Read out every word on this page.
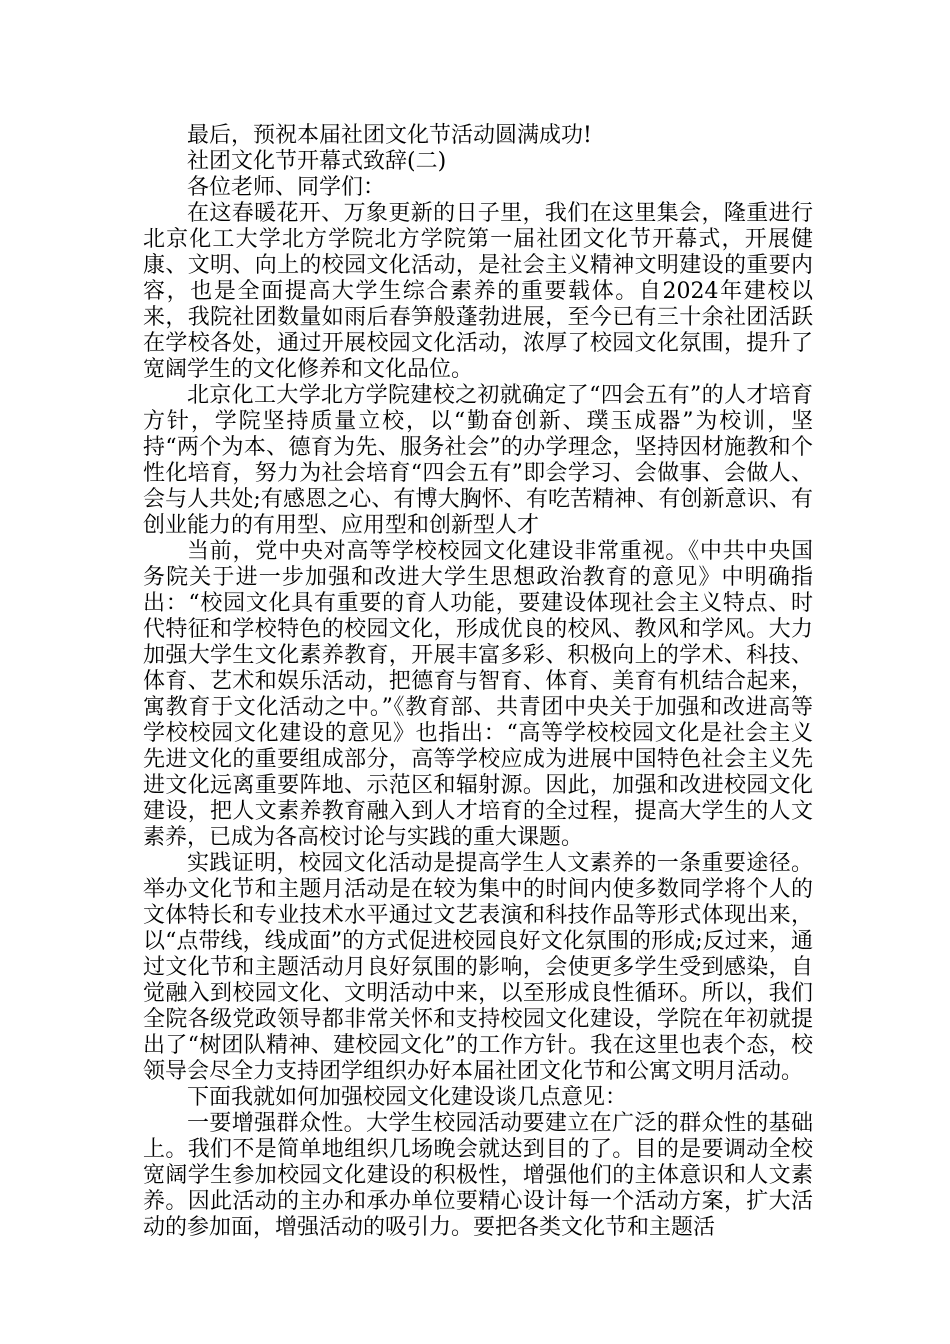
最后，预祝本届社团文化节活动圆满成功!

社团文化节开幕式致辞(二)

各位老师、同学们：

在这春暖花开、万象更新的日子里，我们在这里集会，隆重进行北京化工大学北方学院北方学院第一届社团文化节开幕式，开展健康、文明、向上的校园文化活动，是社会主义精神文明建设的重要内容，也是全面提高大学生综合素养的重要载体。自2024年建校以来，我院社团数量如雨后春笋般蓬勃进展，至今已有三十余社团活跃在学校各处，通过开展校园文化活动，浓厚了校园文化氛围，提升了宽阔学生的文化修养和文化品位。

北京化工大学北方学院建校之初就确定了“四会五有”的人才培育方针，学院坚持质量立校，以“勤奋创新、璞玉成器”为校训，坚持“两个为本、德育为先、服务社会”的办学理念，坚持因材施教和个性化培育，努力为社会培育“四会五有”即会学习、会做事、会做人、会与人共处;有感恩之心、有博大胸怀、有吃苦精神、有创新意识、有创业能力的有用型、应用型和创新型人才

当前，党中央对高等学校校园文化建设非常重视。《中共中央国务院关于进一步加强和改进大学生思想政治教育的意见》中明确指出：“校园文化具有重要的育人功能，要建设体现社会主义特点、时代特征和学校特色的校园文化，形成优良的校风、教风和学风。大力加强大学生文化素养教育，开展丰富多彩、积极向上的学术、科技、体育、艺术和娱乐活动，把德育与智育、体育、美育有机结合起来，寓教育于文化活动之中。”《教育部、共青团中央关于加强和改进高等学校校园文化建设的意见》也指出：“高等学校校园文化是社会主义先进文化的重要组成部分，高等学校应成为进展中国特色社会主义先进文化远离重要阵地、示范区和辐射源。因此，加强和改进校园文化建设，把人文素养教育融入到人才培育的全过程，提高大学生的人文素养，已成为各高校讨论与实践的重大课题。

实践证明，校园文化活动是提高学生人文素养的一条重要途径。举办文化节和主题月活动是在较为集中的时间内使多数同学将个人的文体特长和专业技术水平通过文艺表演和科技作品等形式体现出来，以“点带线，线成面”的方式促进校园良好文化氛围的形成;反过来，通过文化节和主题活动月良好氛围的影响，会使更多学生受到感染，自觉融入到校园文化、文明活动中来，以至形成良性循环。所以，我们全院各级党政领导都非常关怀和支持校园文化建设，学院在年初就提出了“树团队精神、建校园文化”的工作方针。我在这里也表个态，校领导会尽全力支持团学组织办好本届社团文化节和公寓文明月活动。

下面我就如何加强校园文化建设谈几点意见：

一要增强群众性。大学生校园活动要建立在广泛的群众性的基础上。我们不是简单地组织几场晚会就达到目的了。目的是要调动全校宽阔学生参加校园文化建设的积极性，增强他们的主体意识和人文素养。因此活动的主办和承办单位要精心设计每一个活动方案，扩大活动的参加面，增强活动的吸引力。要把各类文化节和主题活
